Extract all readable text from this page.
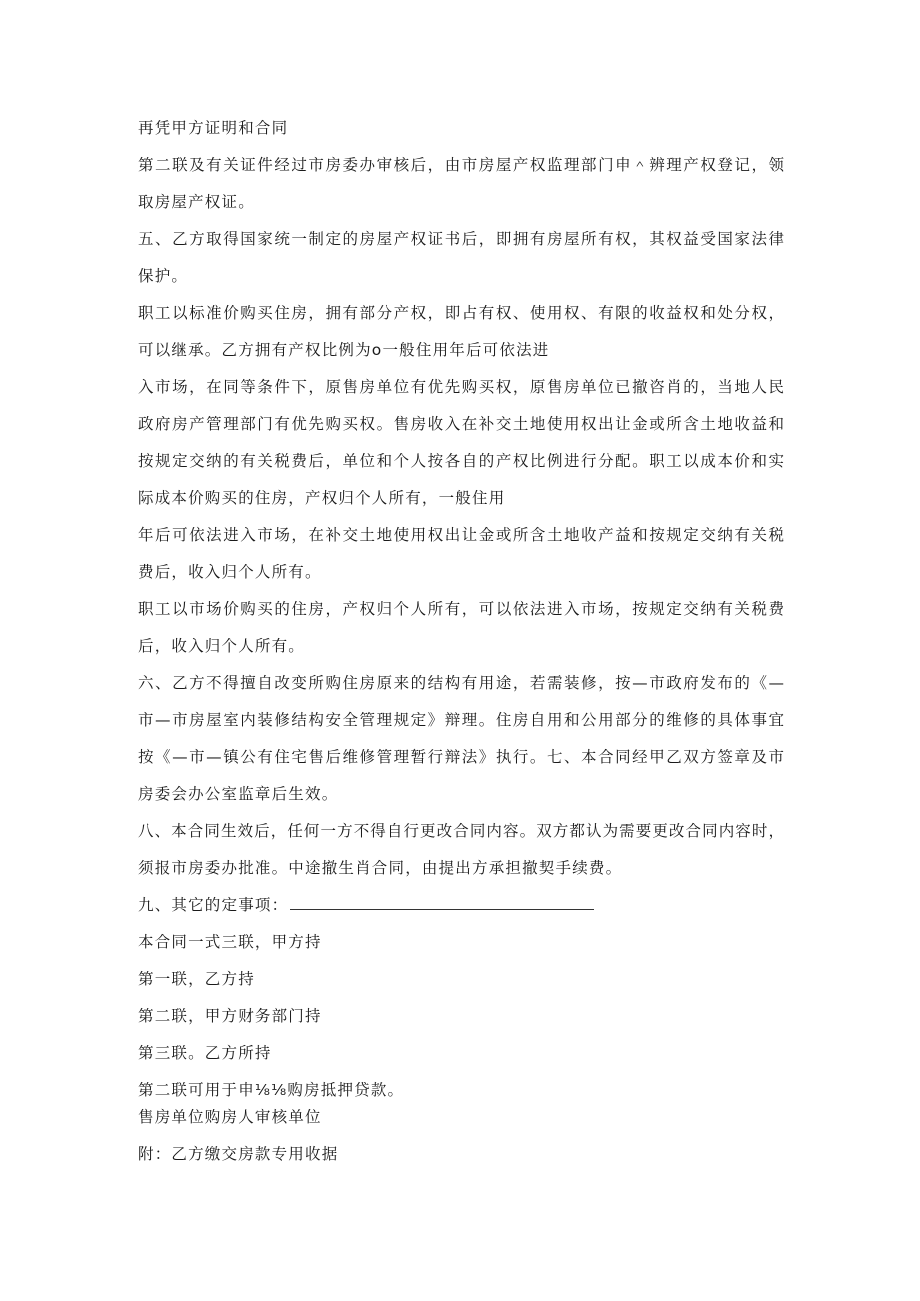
再凭甲方证明和合同
第二联及有关证件经过市房委办审核后，由市房屋产权监理部门申＾辨理产权登记，领
取房屋产权证。
五、乙方取得国家统一制定的房屋产权证书后，即拥有房屋所有权，其权益受国家法律
保护。
职工以标准价购买住房，拥有部分产权，即占有权、使用权、有限的收益权和处分权，
可以继承。乙方拥有产权比例为o一般住用年后可依法进
入市场，在同等条件下，原售房单位有优先购买权，原售房单位已撤咨肖的，当地人民
政府房产管理部门有优先购买权。售房收入在补交土地使用权出让金或所含土地收益和
按规定交纳的有关税费后，单位和个人按各自的产权比例进行分配。职工以成本价和实
际成本价购买的住房，产权归个人所有，一般住用
年后可依法进入市场，在补交土地使用权出让金或所含土地收产益和按规定交纳有关税
费后，收入归个人所有。
职工以市场价购买的住房，产权归个人所有，可以依法进入市场，按规定交纳有关税费
后，收入归个人所有。
六、乙方不得擅自改变所购住房原来的结构有用途，若需装修，按—市政府发布的《—
市—市房屋室内装修结构安全管理规定》辩理。住房自用和公用部分的维修的具体事宜
按《—市—镇公有住宅售后维修管理暂行辩法》执行。七、本合同经甲乙双方签章及市
房委会办公室监章后生效。
八、本合同生效后，任何一方不得自行更改合同内容。双方都认为需要更改合同内容时，
须报市房委办批准。中途撤生肖合同，由提出方承担撤契手续费。
九、其它的定事项：
本合同一式三联，甲方持
第一联，乙方持
第二联，甲方财务部门持
第三联。乙方所持
第二联可用于申⅛⅛购房抵押贷款。
售房单位购房人审核单位
附：乙方缴交房款专用收据
